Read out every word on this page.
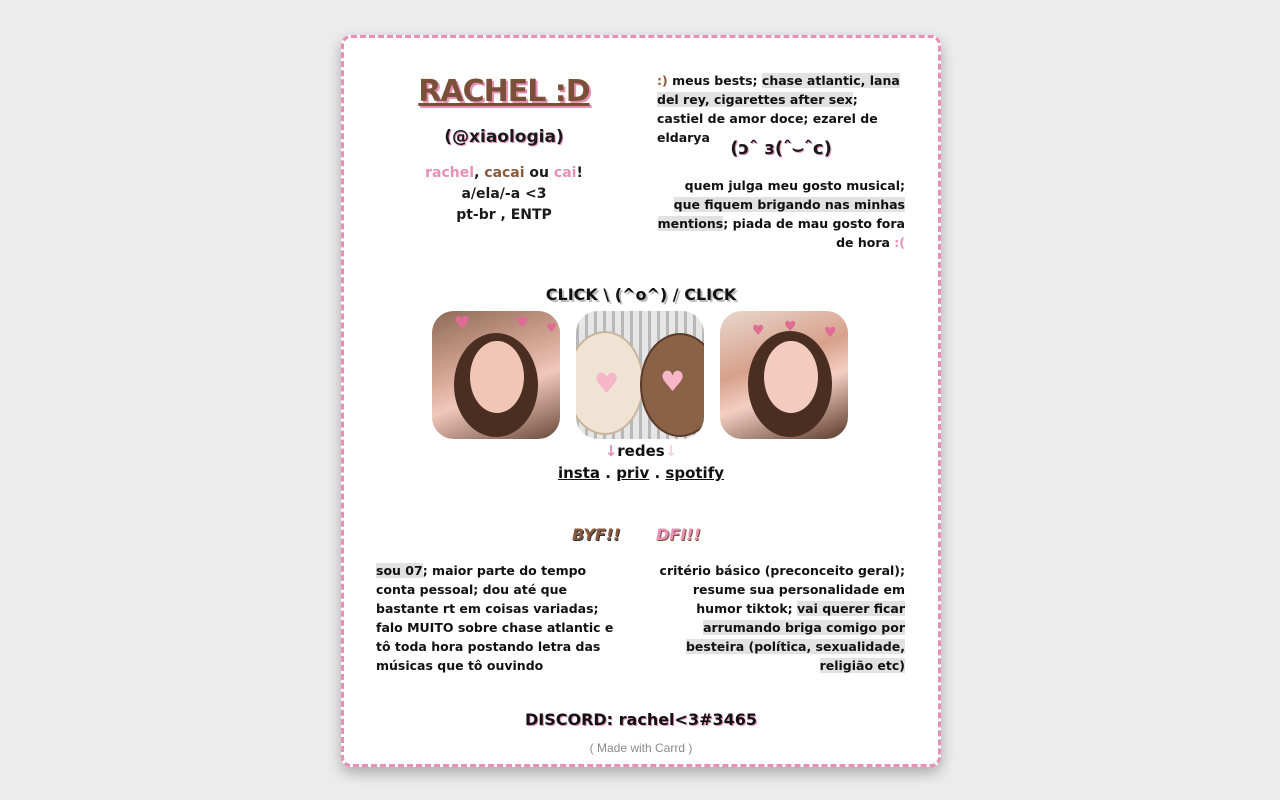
RACHEL :D
(@xiaologia)
rachel, cacai ou cai!
a/ela/-a <3
pt-br , ENTP
:) meus bests; chase atlantic, lana del rey, cigarettes after sex; castiel de amor doce; ezarel de eldarya
(ɔˆ з(ˆ⌣ˆc)
quem julga meu gosto musical; que fiquem brigando nas minhas mentions; piada de mau gosto fora de hora :(
CLICK \ (^o^) / CLICK
♥	♥ ♥
♥ ♥
♥ ♥ ♥
↓redes↓
insta . priv . spotify
BYF!! DFI!!
sou 07; maior parte do tempo conta pessoal; dou até que bastante rt em coisas variadas; falo MUITO sobre chase atlantic e tô toda hora postando letra das músicas que tô ouvindo
critério básico (preconceito geral); resume sua personalidade em humor tiktok; vai querer ficar arrumando briga comigo por besteira (política, sexualidade, religião etc)
DISCORD: rachel<3#3465
( Made with Carrd )
